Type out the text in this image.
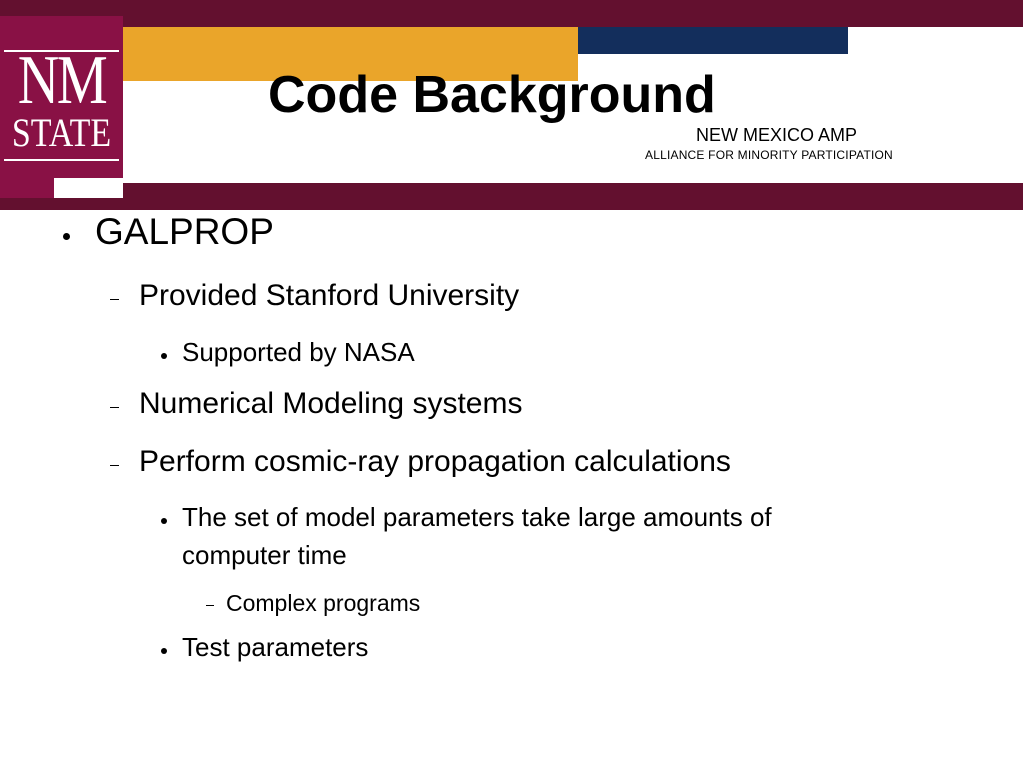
NM
STATE
Code Background
NEW MEXICO AMP
ALLIANCE FOR MINORITY PARTICIPATION
GALPROP
Provided Stanford University
Supported by NASA
Numerical Modeling systems
Perform cosmic-ray propagation calculations
The set of model parameters take large amounts of
computer time
Complex programs
Test parameters
